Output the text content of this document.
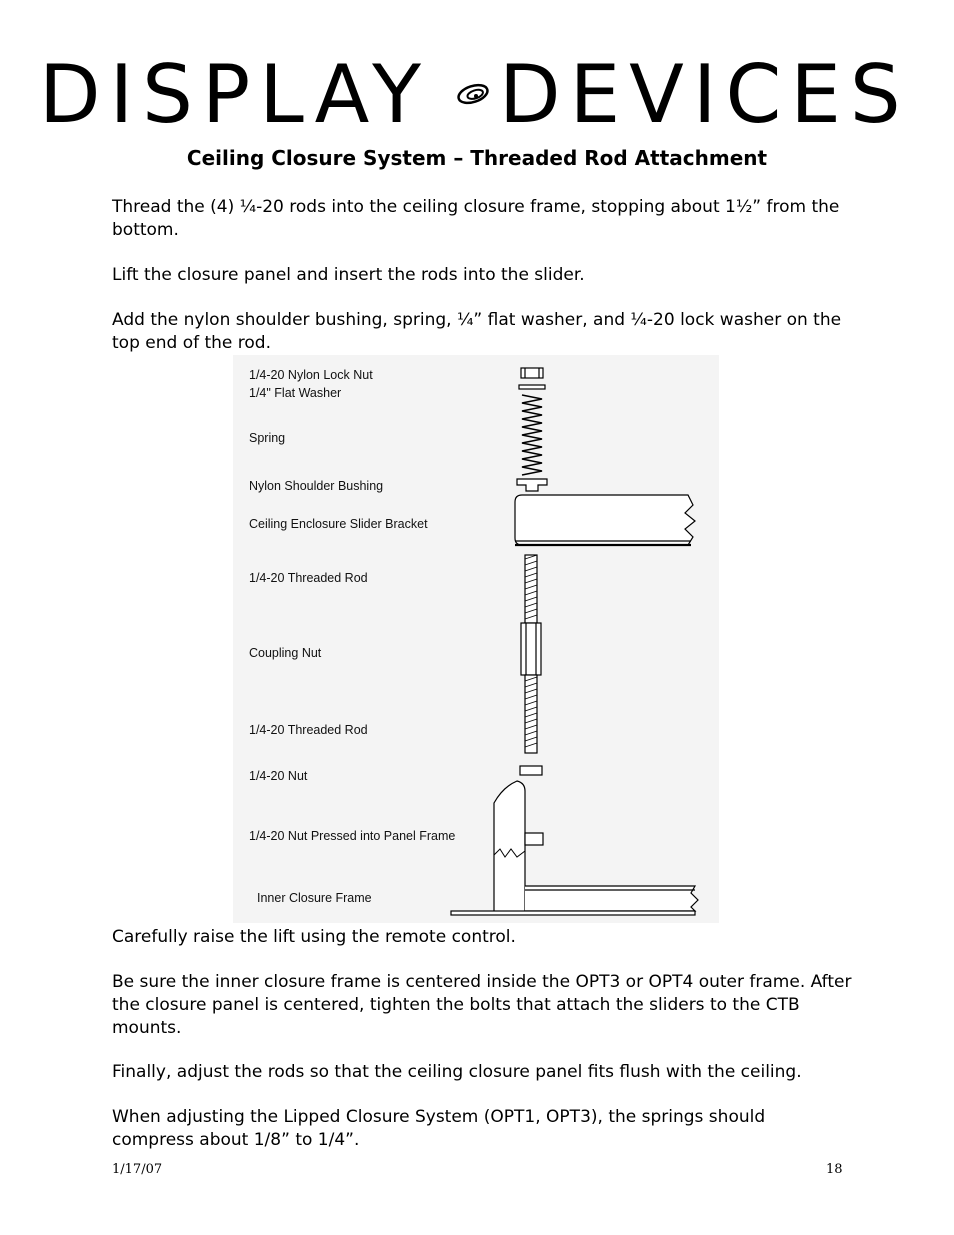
DISPLAY DEVICES
Ceiling Closure System – Threaded Rod Attachment
Thread the (4) ¼-20 rods into the ceiling closure frame, stopping about 1½” from the bottom.
Lift the closure panel and insert the rods into the slider.
Add the nylon shoulder bushing, spring, ¼” flat washer, and ¼-20 lock washer on the top end of the rod.
1/4-20 Nylon Lock Nut
1/4" Flat Washer
Spring
Nylon Shoulder Bushing
Ceiling Enclosure Slider Bracket
1/4-20 Threaded Rod
Coupling Nut
1/4-20 Threaded Rod
1/4-20 Nut
1/4-20 Nut Pressed into Panel Frame
Inner Closure Frame
Carefully raise the lift using the remote control.
Be sure the inner closure frame is centered inside the OPT3 or OPT4 outer frame. After the closure panel is centered, tighten the bolts that attach the sliders to the CTB mounts.
Finally, adjust the rods so that the ceiling closure panel fits flush with the ceiling.
When adjusting the Lipped Closure System (OPT1, OPT3), the springs should compress about 1/8” to 1/4”.
1/17/07	18
